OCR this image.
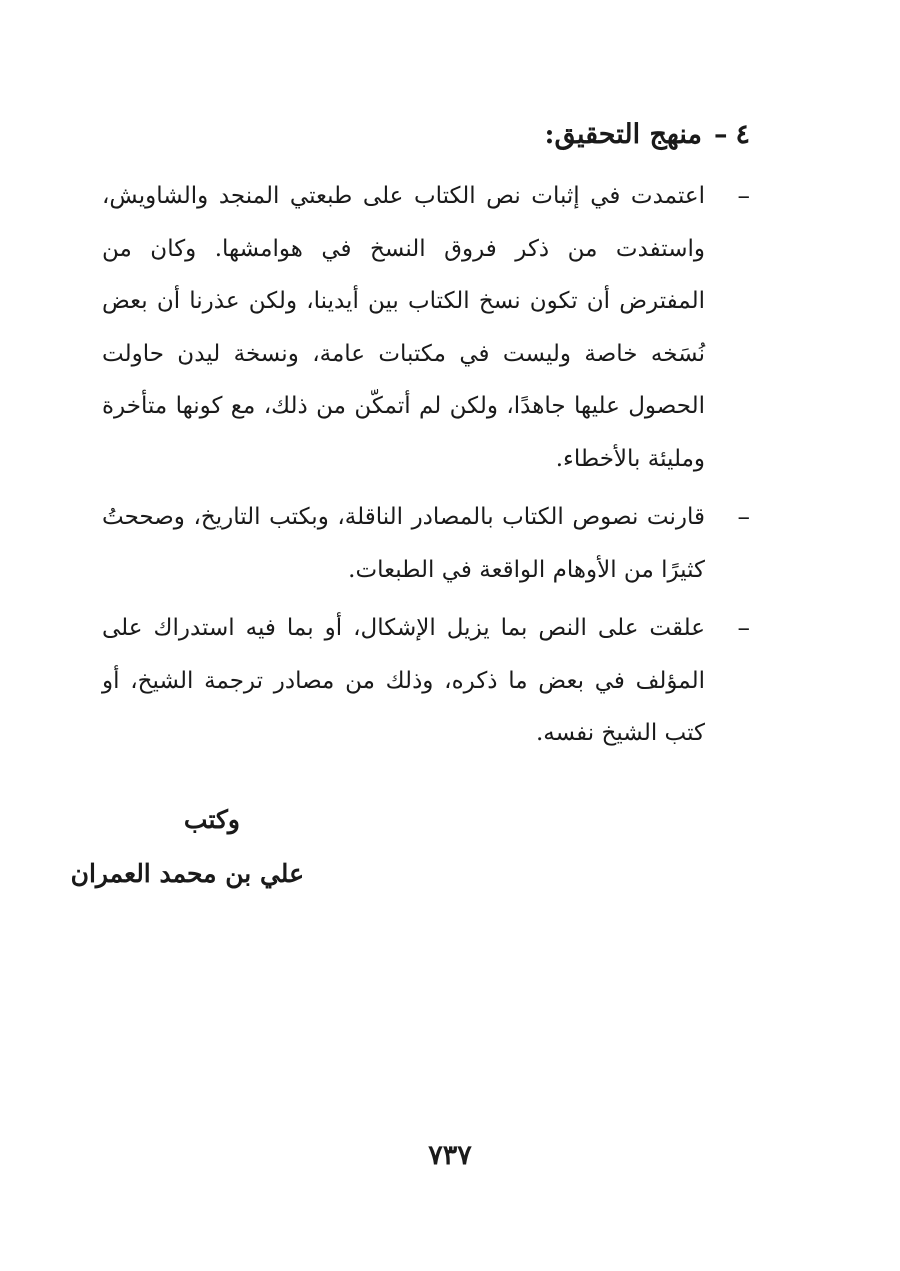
٤–منهج التحقيق:
–
اعتمدت في إثبات نص الكتاب على طبعتي المنجد والشاويش، واستفدت من ذكر فروق النسخ في هوامشها. وكان من المفترض أن تكون نسخ الكتاب بين أيدينا، ولكن عذرنا أن بعض نُسَخه خاصة وليست في مكتبات عامة، ونسخة ليدن حاولت الحصول عليها جاهدًا، ولكن لم أتمكّن من ذلك، مع كونها متأخرة ومليئة بالأخطاء.
–
قارنت نصوص الكتاب بالمصادر الناقلة، وبكتب التاريخ، وصححتُ كثيرًا من الأوهام الواقعة في الطبعات.
–
علقت على النص بما يزيل الإشكال، أو بما فيه استدراك على المؤلف في بعض ما ذكره، وذلك من مصادر ترجمة الشيخ، أو كتب الشيخ نفسه.
وكتب
علي بن محمد العمران
٧٣٧
